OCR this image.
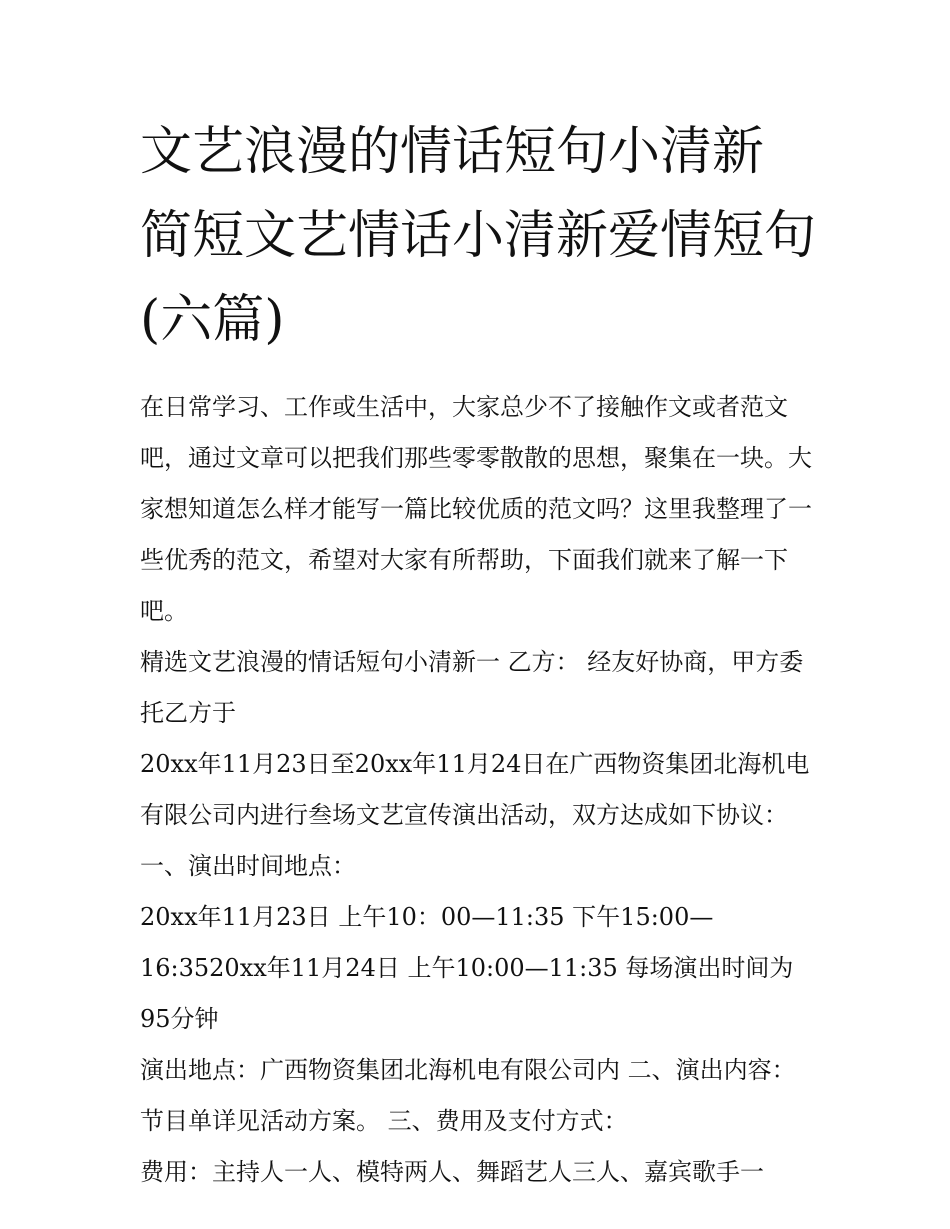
文艺浪漫的情话短句小清新 简短文艺情话小清新爱情短句(六篇)

在日常学习、工作或生活中，大家总少不了接触作文或者范文吧，通过文章可以把我们那些零零散散的思想，聚集在一块。大家想知道怎么样才能写一篇比较优质的范文吗？这里我整理了一些优秀的范文，希望对大家有所帮助，下面我们就来了解一下吧。

精选文艺浪漫的情话短句小清新一 乙方： 经友好协商，甲方委托乙方于

20xx年11月23日至20xx年11月24日在广西物资集团北海机电有限公司内进行叁场文艺宣传演出活动，双方达成如下协议： 一、演出时间地点：

20xx年11月23日 上午10：00—11:35 下午15:00—16:3520xx年11月24日 上午10:00—11:35 每场演出时间为95分钟

演出地点：广西物资集团北海机电有限公司内 二、演出内容：节目单详见活动方案。 三、费用及支付方式：

费用：主持人一人、模特两人、舞蹈艺人三人、嘉宾歌手一
